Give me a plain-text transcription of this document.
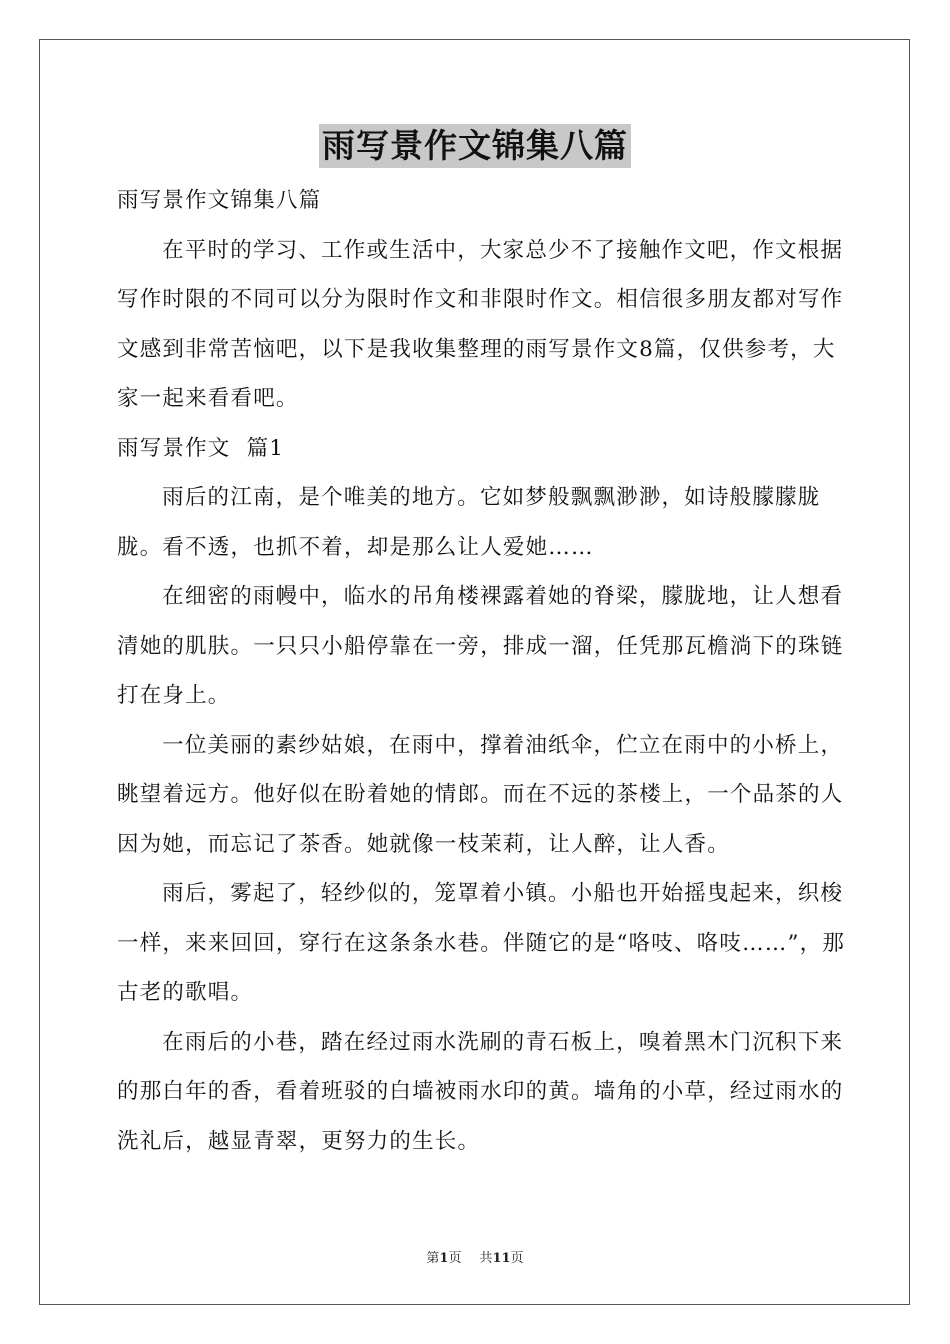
雨写景作文锦集八篇

雨写景作文锦集八篇

在平时的学习、工作或生活中，大家总少不了接触作文吧，作文根据写作时限的不同可以分为限时作文和非限时作文。相信很多朋友都对写作文感到非常苦恼吧，以下是我收集整理的雨写景作文8篇，仅供参考，大家一起来看看吧。

雨写景作文  篇1

雨后的江南，是个唯美的地方。它如梦般飘飘渺渺，如诗般朦朦胧胧。看不透，也抓不着，却是那么让人爱她……

在细密的雨幔中，临水的吊角楼裸露着她的脊梁，朦胧地，让人想看清她的肌肤。一只只小船停靠在一旁，排成一溜，任凭那瓦檐淌下的珠链打在身上。

一位美丽的素纱姑娘，在雨中，撑着油纸伞，伫立在雨中的小桥上，眺望着远方。他好似在盼着她的情郎。而在不远的茶楼上，一个品茶的人因为她，而忘记了茶香。她就像一枝茉莉，让人醉，让人香。

雨后，雾起了，轻纱似的，笼罩着小镇。小船也开始摇曳起来，织梭一样，来来回回，穿行在这条条水巷。伴随它的是“咯吱、咯吱……”，那古老的歌唱。

在雨后的小巷，踏在经过雨水洗刷的青石板上，嗅着黑木门沉积下来的那白年的香，看着班驳的白墙被雨水印的黄。墙角的小草，经过雨水的洗礼后，越显青翠，更努力的生长。

第1页 共11页
